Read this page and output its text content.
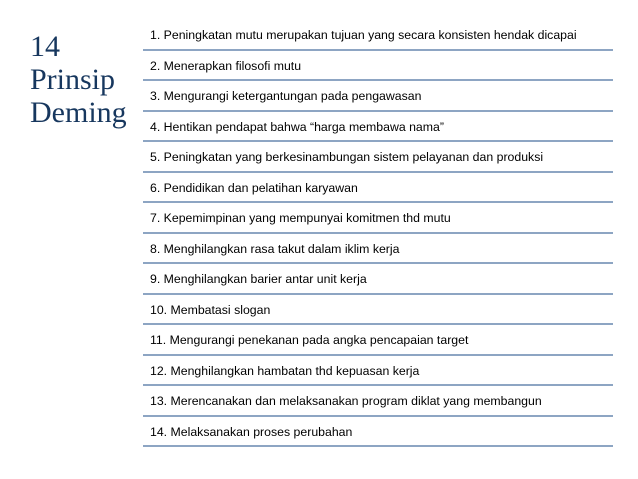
14
Prinsip
Deming
1. Peningkatan mutu merupakan tujuan yang secara konsisten hendak dicapai
2. Menerapkan filosofi mutu
3. Mengurangi ketergantungan pada pengawasan
4. Hentikan pendapat bahwa “harga membawa nama”
5. Peningkatan yang berkesinambungan sistem pelayanan dan produksi
6. Pendidikan dan pelatihan karyawan
7. Kepemimpinan yang mempunyai komitmen thd mutu
8. Menghilangkan rasa takut dalam iklim kerja
9. Menghilangkan barier antar unit kerja
10. Membatasi slogan
11. Mengurangi penekanan pada angka pencapaian target
12. Menghilangkan hambatan thd kepuasan kerja
13. Merencanakan dan melaksanakan program diklat yang membangun
14. Melaksanakan proses perubahan
